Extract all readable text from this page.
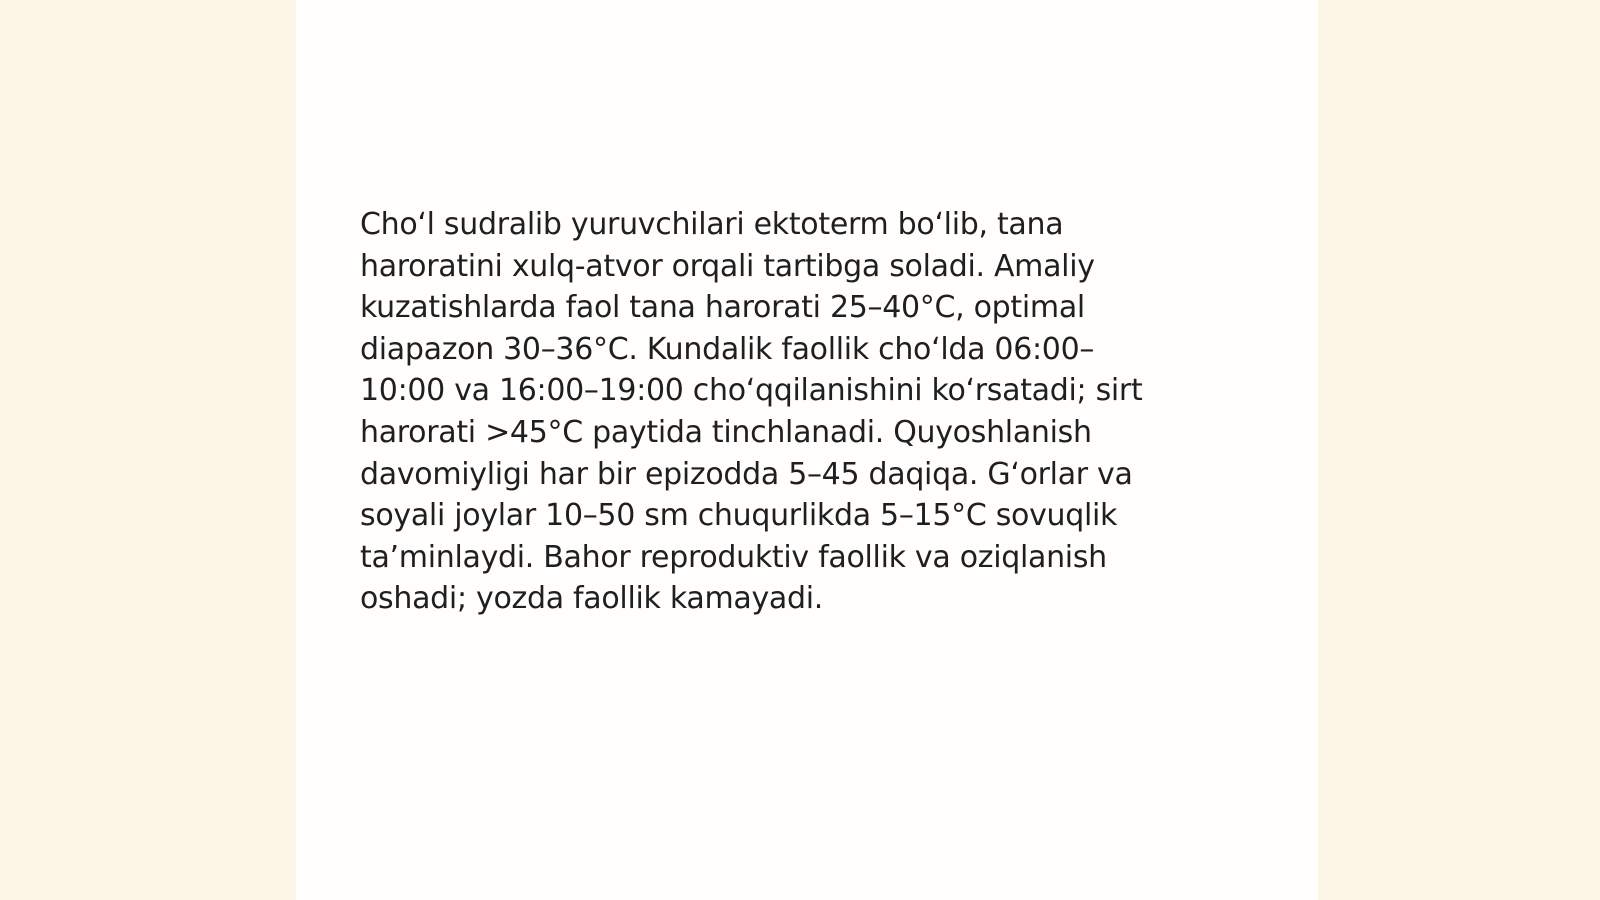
Cho‘l sudralib yuruvchilari ektoterm bo‘lib, tana
haroratini xulq-atvor orqali tartibga soladi. Amaliy
kuzatishlarda faol tana harorati 25–40°C, optimal
diapazon 30–36°C. Kundalik faollik cho‘lda 06:00–
10:00 va 16:00–19:00 cho‘qqilanishini ko‘rsatadi; sirt
harorati >45°C paytida tinchlanadi. Quyoshlanish
davomiyligi har bir epizodda 5–45 daqiqa. G‘orlar va
soyali joylar 10–50 sm chuqurlikda 5–15°C sovuqlik
ta’minlaydi. Bahor reproduktiv faollik va oziqlanish
oshadi; yozda faollik kamayadi.
